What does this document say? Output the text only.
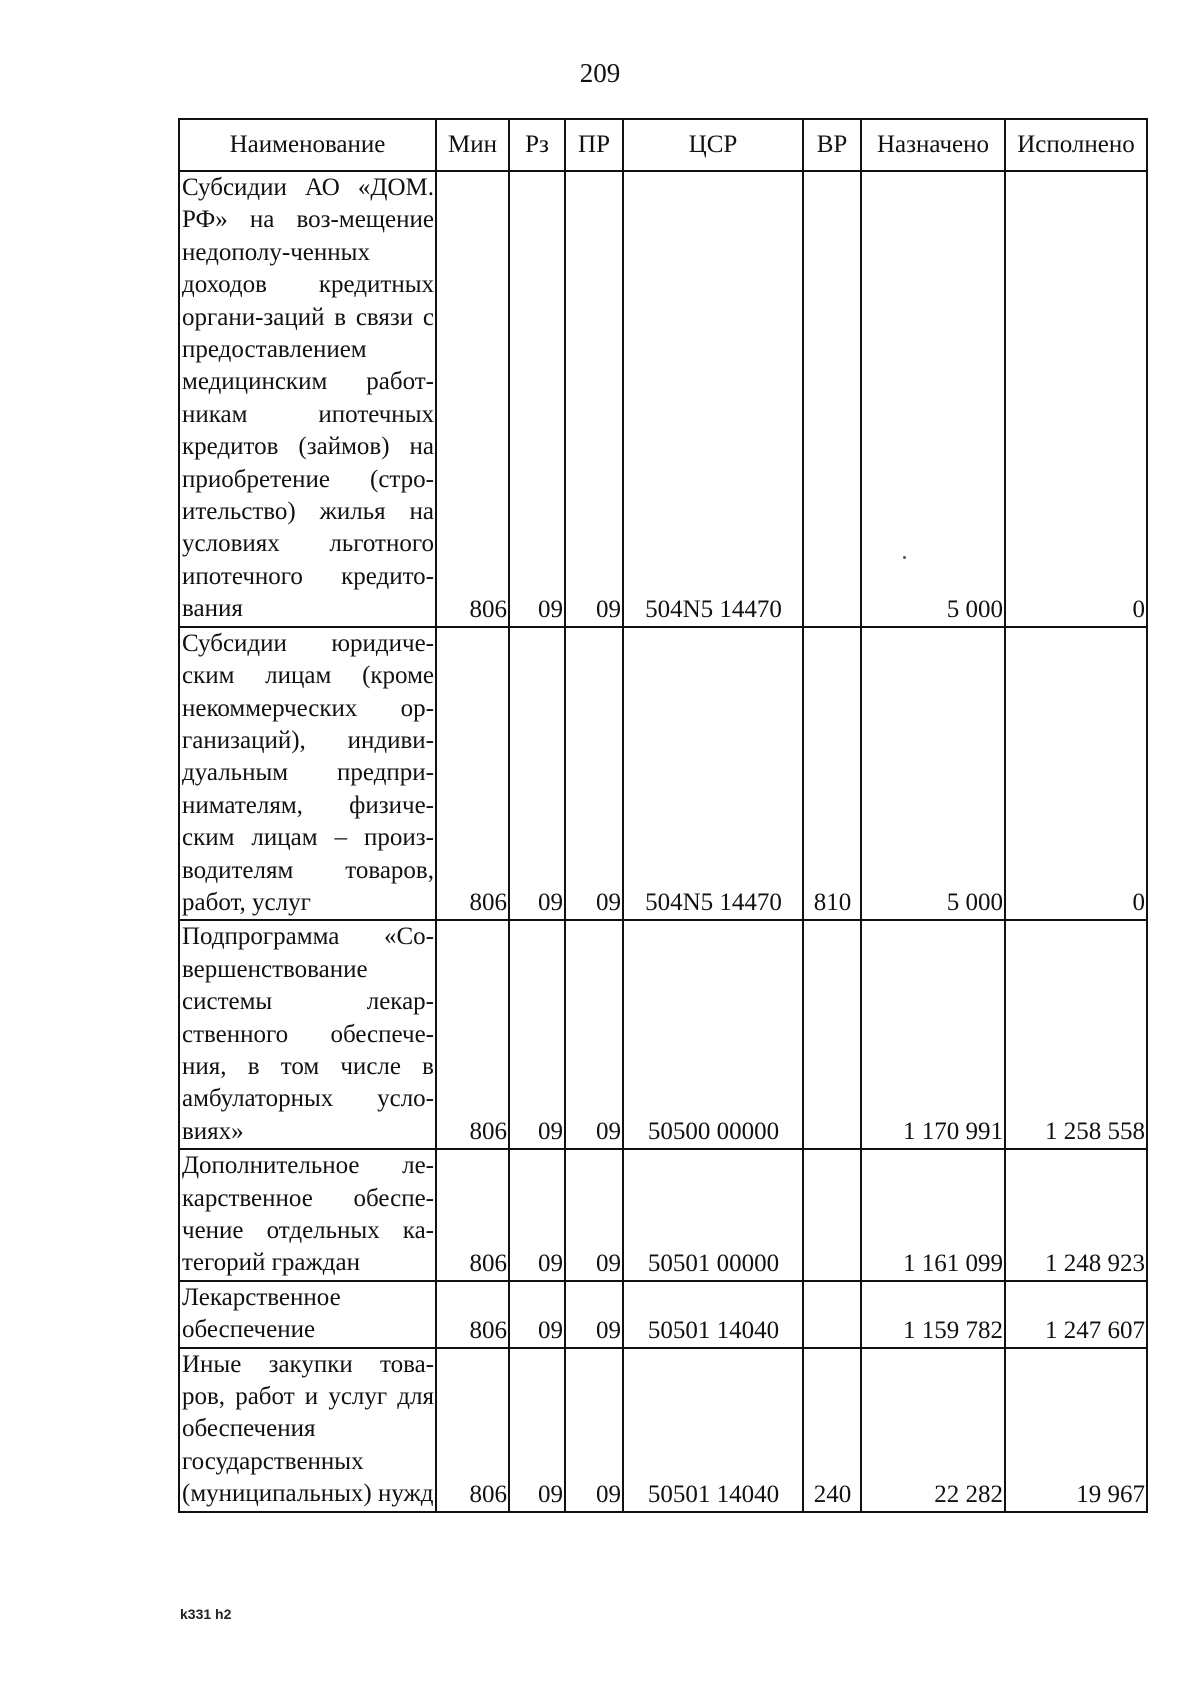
209
Наименование	Мин	Рз	ПР	ЦСР	ВР	Назначено	Исполнено
Субсидии АО «ДОМ. РФ» на воз-мещение недополу-ченных доходов кредитных органи-заций в связи с предоставлением медицинским работ-никам ипотечных кредитов (займов) на приобретение (стро-ительство) жилья на условиях льготного ипотечного кредито-вания	806	09	09	504N5 14470		5 000	0
Субсидии юридиче-ским лицам (кроме некоммерческих ор-ганизаций), индиви-дуальным предпри-нимателям, физиче-ским лицам – произ-водителям товаров, работ, услуг	806	09	09	504N5 14470	810	5 000	0
Подпрограмма «Со-вершенствование системы лекар-ственного обеспече-ния, в том числе в амбулаторных усло-виях»	806	09	09	50500 00000		1 170 991	1 258 558
Дополнительное ле-карственное обеспе-чение отдельных ка-тегорий граждан	806	09	09	50501 00000		1 161 099	1 248 923
Лекарственное обеспечение	806	09	09	50501 14040		1 159 782	1 247 607
Иные закупки това-ров, работ и услуг для обеспечения государственных (муниципальных) нужд	806	09	09	50501 14040	240	22 282	19 967
k331 h2
